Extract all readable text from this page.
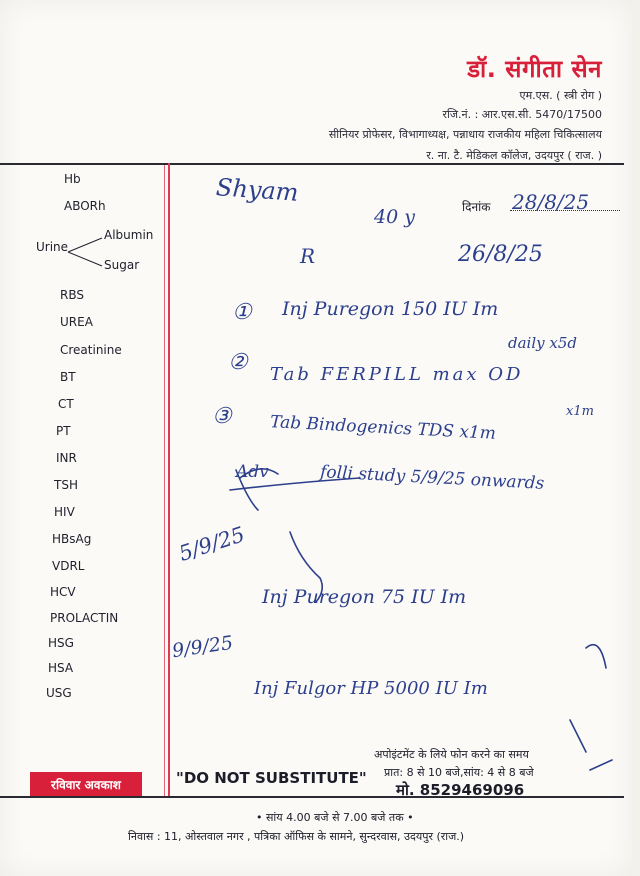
डॉ. संगीता सेन
एम.एस. ( स्त्री रोग )
रजि.नं. : आर.एस.सी. 5470/17500
सीनियर प्रोफेसर, विभागाध्यक्ष, पन्नाधाय राजकीय महिला चिकित्सालय
र. ना. टै. मेडिकल कॉलेज, उदयपुर ( राज. )
Hb
ABORh
Urine
Albumin
Sugar
RBS
UREA
Creatinine
BT
CT
PT
INR
TSH
HIV
HBsAg
VDRL
HCV
PROLACTIN
HSG
HSA
USG
दिनांक
Shyam
40 y
28/8/25
R	26/8/25
① Inj Puregon 150 IU Im
daily x5d
② Tab FERPILL max OD
x1m
③ Tab Bindogenics TDS x1m
Adv	folli study 5/9/25 onwards
5/9/25
Inj Puregon 75 IU Im
9/9/25
Inj Fulgor HP 5000 IU Im
रविवार अवकाश	"DO NOT SUBSTITUTE"
अपोइंटमेंट के लिये फोन करने का समय
प्रात: 8 से 10 बजे,सांय: 4 से 8 बजे
मो. 8529469096
• सांय 4.00 बजे से 7.00 बजे तक •
निवास : 11, ओस्तवाल नगर , पत्रिका ऑफिस के सामने, सुन्दरवास, उदयपुर (राज.)
